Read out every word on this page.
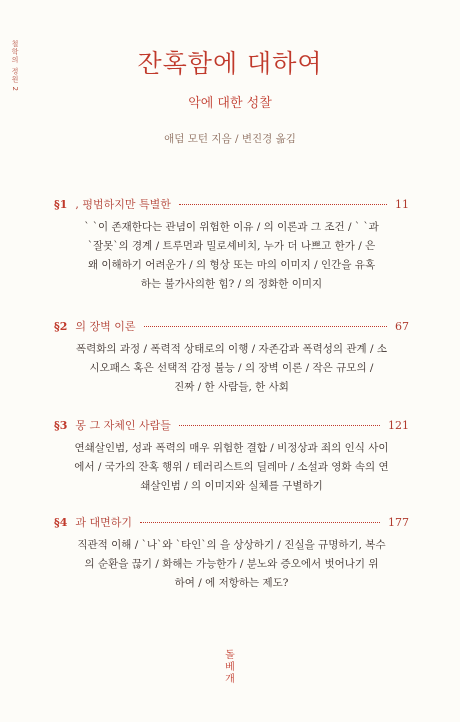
철학의 정원 2	잔혹함에 대하여
악에 대한 성찰
애덤 모턴 지음 / 변진경 옮김
§1 , 평범하지만 특별한	11
` `이 존재한다는 관념이 위험한 이유 / 의 이론과 그 조건 / ` `과
`잘못`의 경계 / 트루먼과 밀로셰비치, 누가 더 나쁘고 한가 / 은
왜 이해하기 어려운가 / 의 형상 또는 마의 이미지 / 인간을 유혹
하는 불가사의한 힘? / 의 정화한 이미지
§2 의 장벽 이론	67
폭력화의 과정 / 폭력적 상태로의 이행 / 자존감과 폭력성의 관계 / 소
시오패스 혹은 선택적 감정 불능 / 의 장벽 이론 / 작은 규모의 /
진짜 / 한 사람들, 한 사회
§3 몽 그 자체인 사람들	121
연쇄살인범, 성과 폭력의 매우 위험한 결합 / 비정상과 죄의 인식 사이
에서 / 국가의 잔혹 행위 / 테러리스트의 딜레마 / 소설과 영화 속의 연
쇄살인범 / 의 이미지와 실체를 구별하기
§4 과 대면하기	177
직관적 이해 / `나`와 `타인`의 을 상상하기 / 진실을 규명하기, 복수
의 순환을 끊기 / 화해는 가능한가 / 분노와 증오에서 벗어나기 위
하여 / 에 저항하는 제도?
돌
베
개
